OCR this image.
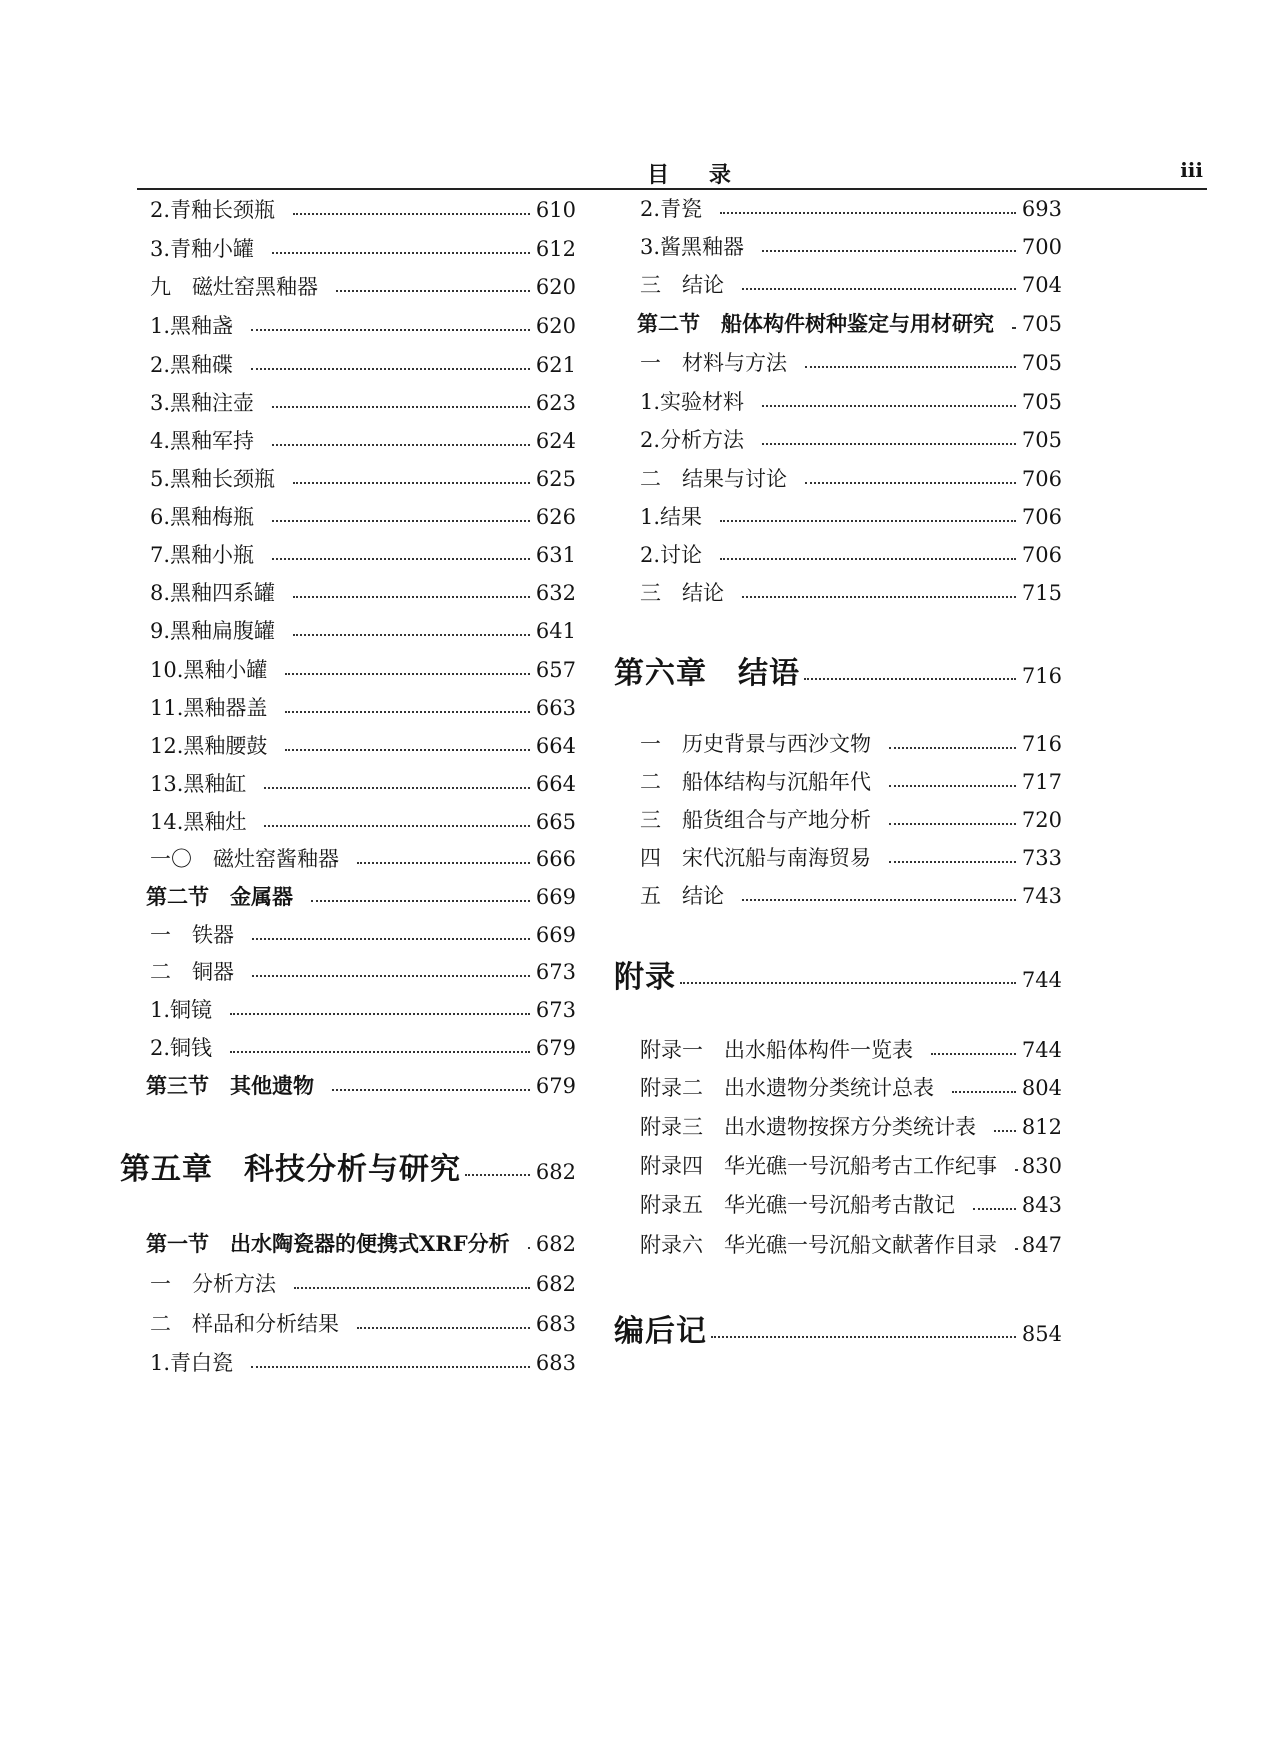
目 录	iii
2.青釉长颈瓶	610
3.青釉小罐	612
九　磁灶窑黑釉器	620
1.黑釉盏	620
2.黑釉碟	621
3.黑釉注壶	623
4.黑釉军持	624
5.黑釉长颈瓶	625
6.黑釉梅瓶	626
7.黑釉小瓶	631
8.黑釉四系罐	632
9.黑釉扁腹罐	641
10.黑釉小罐	657
11.黑釉器盖	663
12.黑釉腰鼓	664
13.黑釉缸	664
14.黑釉灶	665
一〇　磁灶窑酱釉器	666
第二节　金属器	669
一　铁器	669
二　铜器	673
1.铜镜	673
2.铜钱	679
第三节　其他遗物	679
第五章　科技分析与研究	682
第一节　出水陶瓷器的便携式XRF分析 682
一　分析方法	682
二　样品和分析结果	683
1.青白瓷	683
2.青瓷	693
3.酱黑釉器	700
三　结论	704
第二节　船体构件树种鉴定与用材研究 705
一　材料与方法	705
1.实验材料	705
2.分析方法	705
二　结果与讨论	706
1.结果	706
2.讨论	706
三　结论	715
第六章　结语	716
一　历史背景与西沙文物	716
二　船体结构与沉船年代	717
三　船货组合与产地分析	720
四　宋代沉船与南海贸易	733
五　结论	743
附录	744
附录一　出水船体构件一览表	744
附录二　出水遗物分类统计总表	804
附录三　出水遗物按探方分类统计表 812
附录四　华光礁一号沉船考古工作纪事 830
附录五　华光礁一号沉船考古散记	843
附录六　华光礁一号沉船文献著作目录 847
编后记	854
